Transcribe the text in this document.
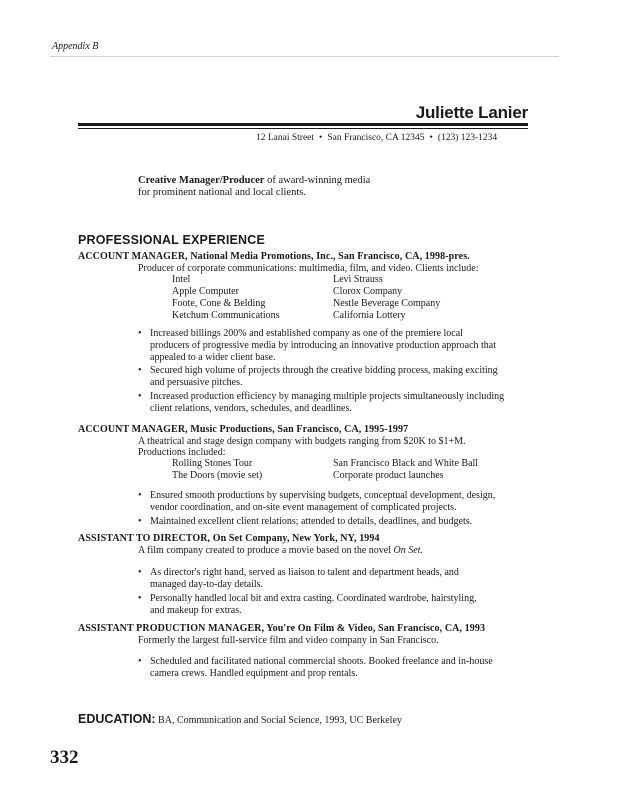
Appendix B
Juliette Lanier
12 Lanai Street • San Francisco, CA 12345 • (123) 123-1234
Creative Manager/Producer of award-winning media
for prominent national and local clients.
PROFESSIONAL EXPERIENCE
ACCOUNT MANAGER, National Media Promotions, Inc., San Francisco, CA, 1998-pres.
Producer of corporate communications: multimedia, film, and video. Clients include:
Intel
Apple Computer
Foote, Cone & Belding
Ketchum Communications
Levi Strauss
Clorox Company
Nestle Beverage Company
California Lottery
• Increased billings 200% and established company as one of the premiere local
producers of progressive media by introducing an innovative production approach that
appealed to a wider client base.
• Secured high volume of projects through the creative bidding process, making exciting
and persuasive pitches.
• Increased production efficiency by managing multiple projects simultaneously including
client relations, vendors, schedules, and deadlines.
ACCOUNT MANAGER, Music Productions, San Francisco, CA, 1995-1997
A theatrical and stage design company with budgets ranging from $20K to $1+M.
Productions included:
Rolling Stones Tour
The Doors (movie set)
San Francisco Black and White Ball
Corporate product launches
• Ensured smooth productions by supervising budgets, conceptual development, design,
vendor coordination, and on-site event management of complicated projects.
• Maintained excellent client relations; attended to details, deadlines, and budgets.
ASSISTANT TO DIRECTOR, On Set Company, New York, NY, 1994
A film company created to produce a movie based on the novel On Set.
• As director's right hand, served as liaison to talent and department heads, and
managed day-to-day details.
• Personally handled local bit and extra casting. Coordinated wardrobe, hairstyling,
and makeup for extras.
ASSISTANT PRODUCTION MANAGER, You're On Film & Video, San Francisco, CA, 1993
Formerly the largest full-service film and video company in San Francisco.
• Scheduled and facilitated national commercial shoots. Booked freelance and in-house
camera crews. Handled equipment and prop rentals.
EDUCATION: BA, Communication and Social Science, 1993, UC Berkeley
332
